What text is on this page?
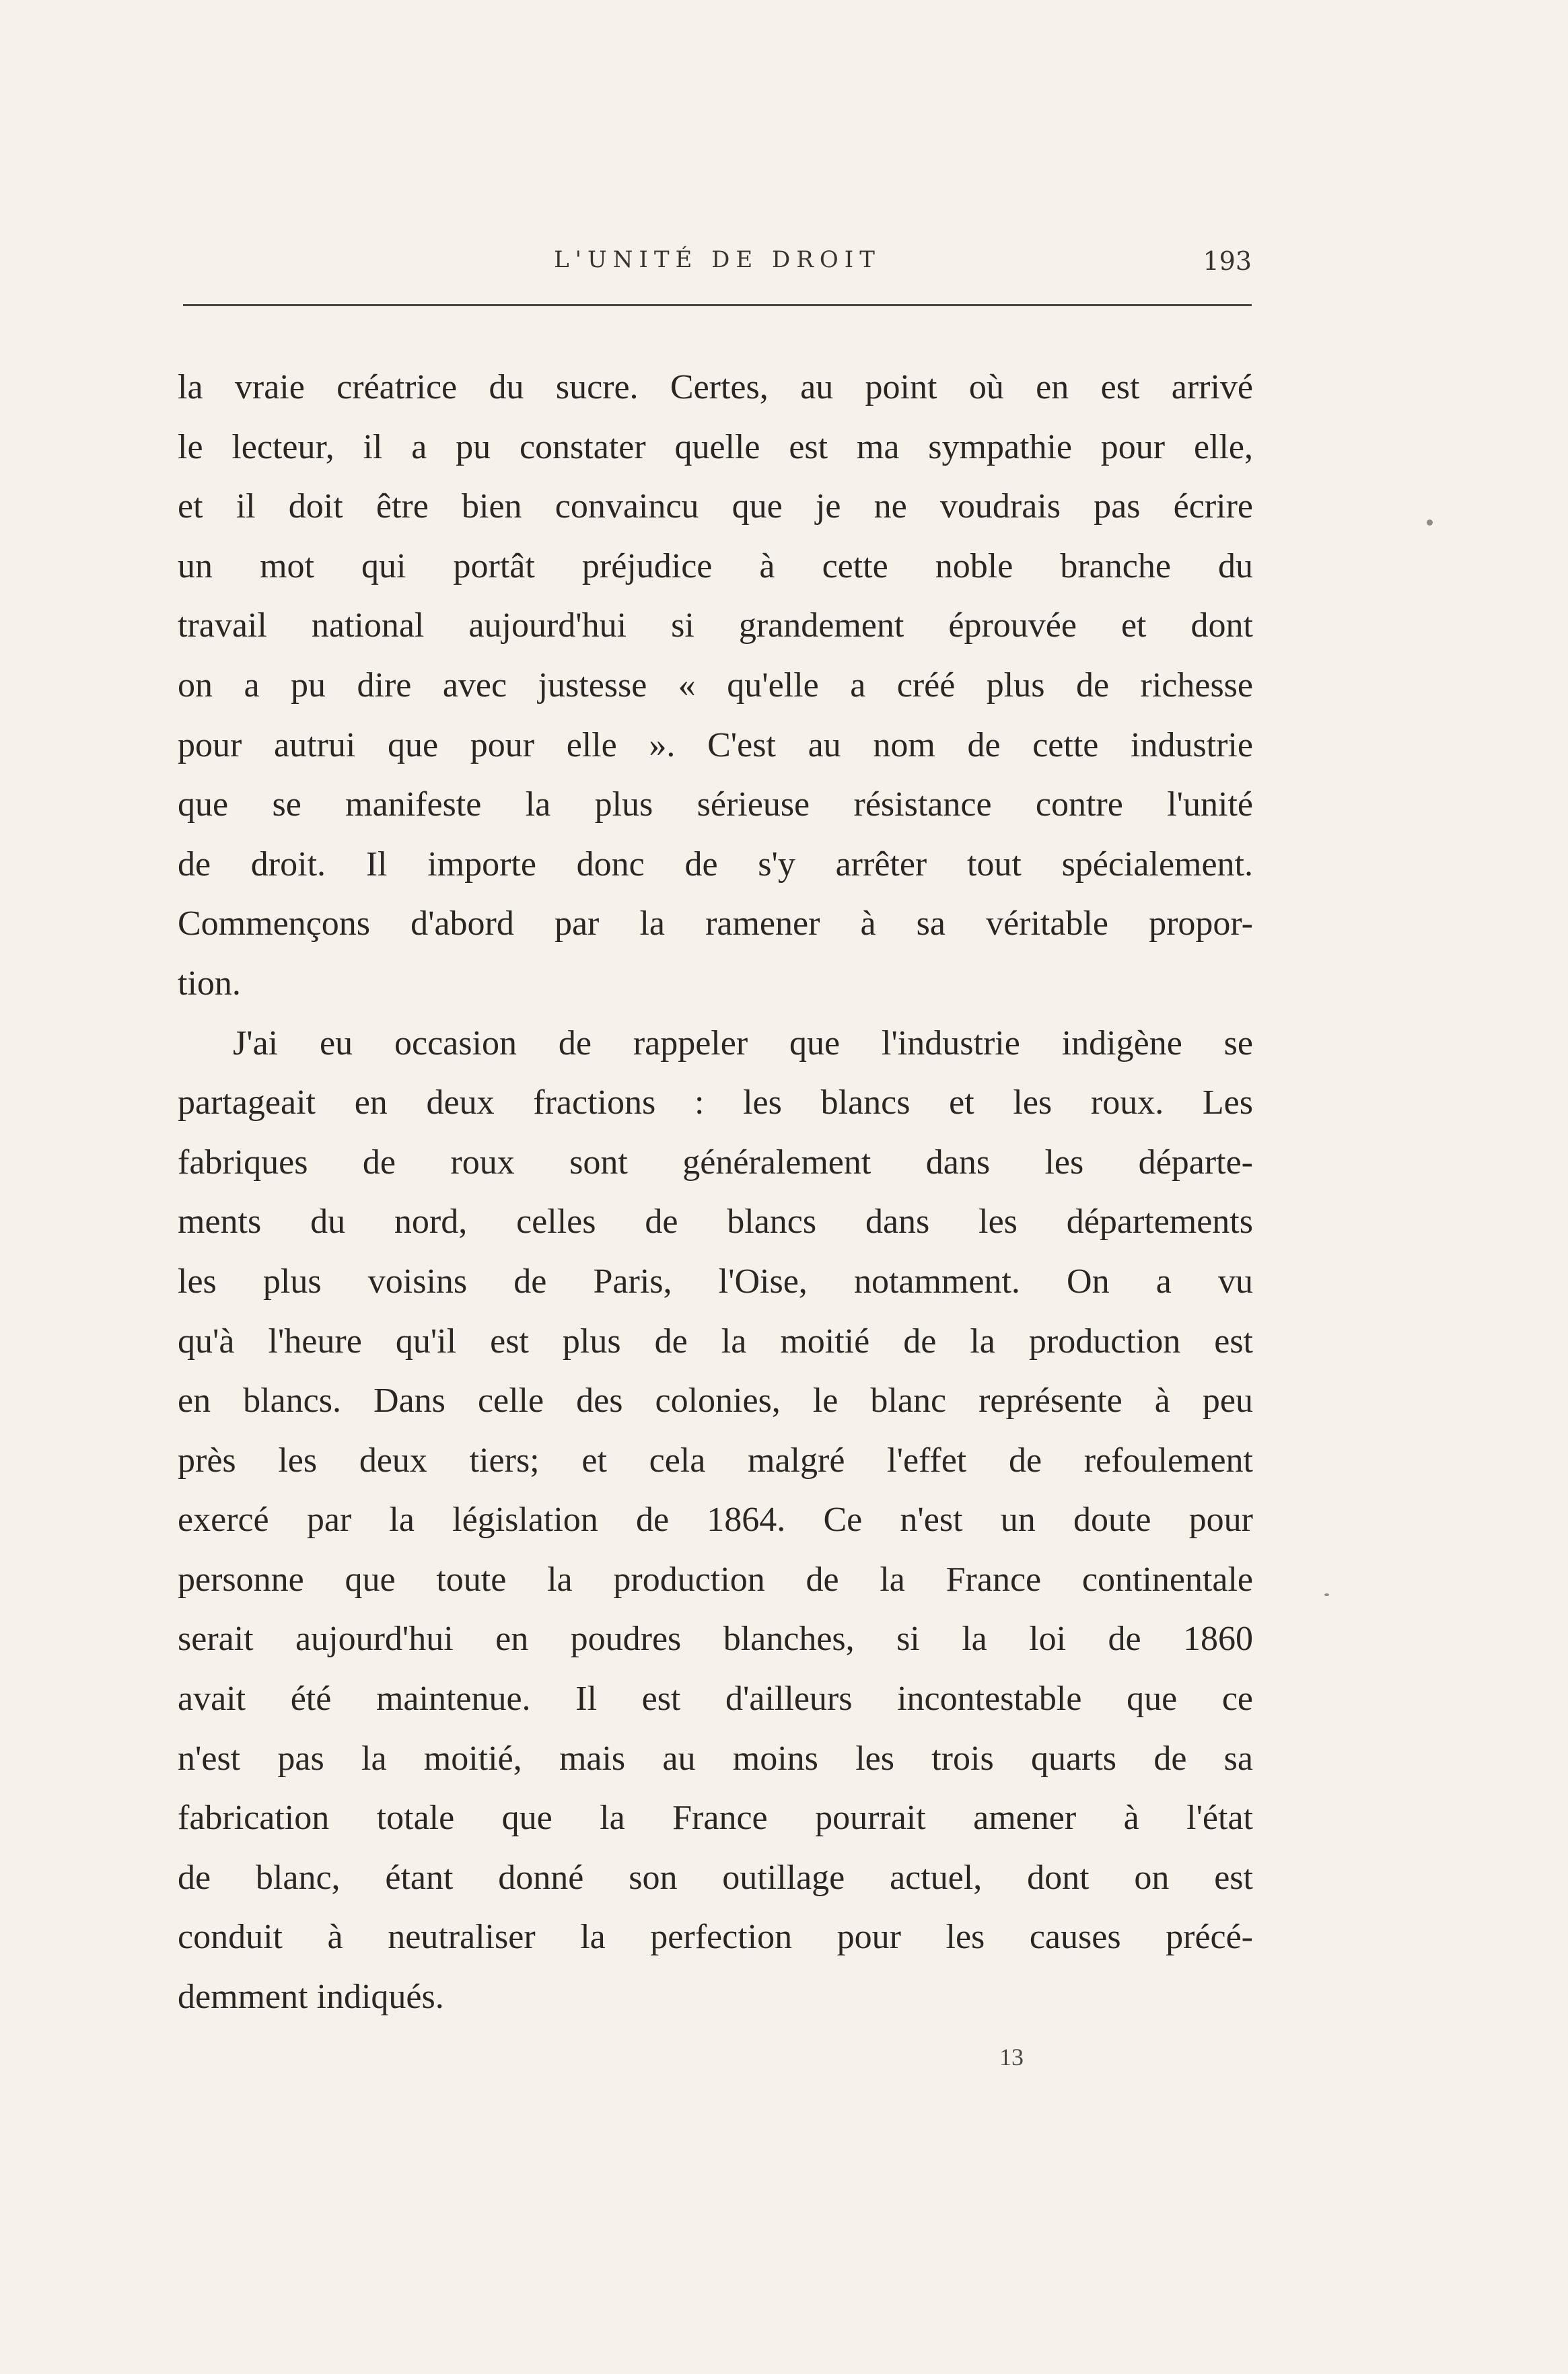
L'UNITÉ DE DROIT	193
la vraie créatrice du sucre. Certes, au point où en est arrivé
le lecteur, il a pu constater quelle est ma sympathie pour elle,
et il doit être bien convaincu que je ne voudrais pas écrire
un mot qui portât préjudice à cette noble branche du
travail national aujourd'hui si grandement éprouvée et dont
on a pu dire avec justesse « qu'elle a créé plus de richesse
pour autrui que pour elle ». C'est au nom de cette industrie
que se manifeste la plus sérieuse résistance contre l'unité
de droit. Il importe donc de s'y arrêter tout spécialement.
Commençons d'abord par la ramener à sa véritable propor-
tion.
J'ai eu occasion de rappeler que l'industrie indigène se
partageait en deux fractions : les blancs et les roux. Les
fabriques de roux sont généralement dans les départe-
ments du nord, celles de blancs dans les départements
les plus voisins de Paris, l'Oise, notamment. On a vu
qu'à l'heure qu'il est plus de la moitié de la production est
en blancs. Dans celle des colonies, le blanc représente à peu
près les deux tiers; et cela malgré l'effet de refoulement
exercé par la législation de 1864. Ce n'est un doute pour
personne que toute la production de la France continentale
serait aujourd'hui en poudres blanches, si la loi de 1860
avait été maintenue. Il est d'ailleurs incontestable que ce
n'est pas la moitié, mais au moins les trois quarts de sa
fabrication totale que la France pourrait amener à l'état
de blanc, étant donné son outillage actuel, dont on est
conduit à neutraliser la perfection pour les causes précé-
demment indiqués.
13
